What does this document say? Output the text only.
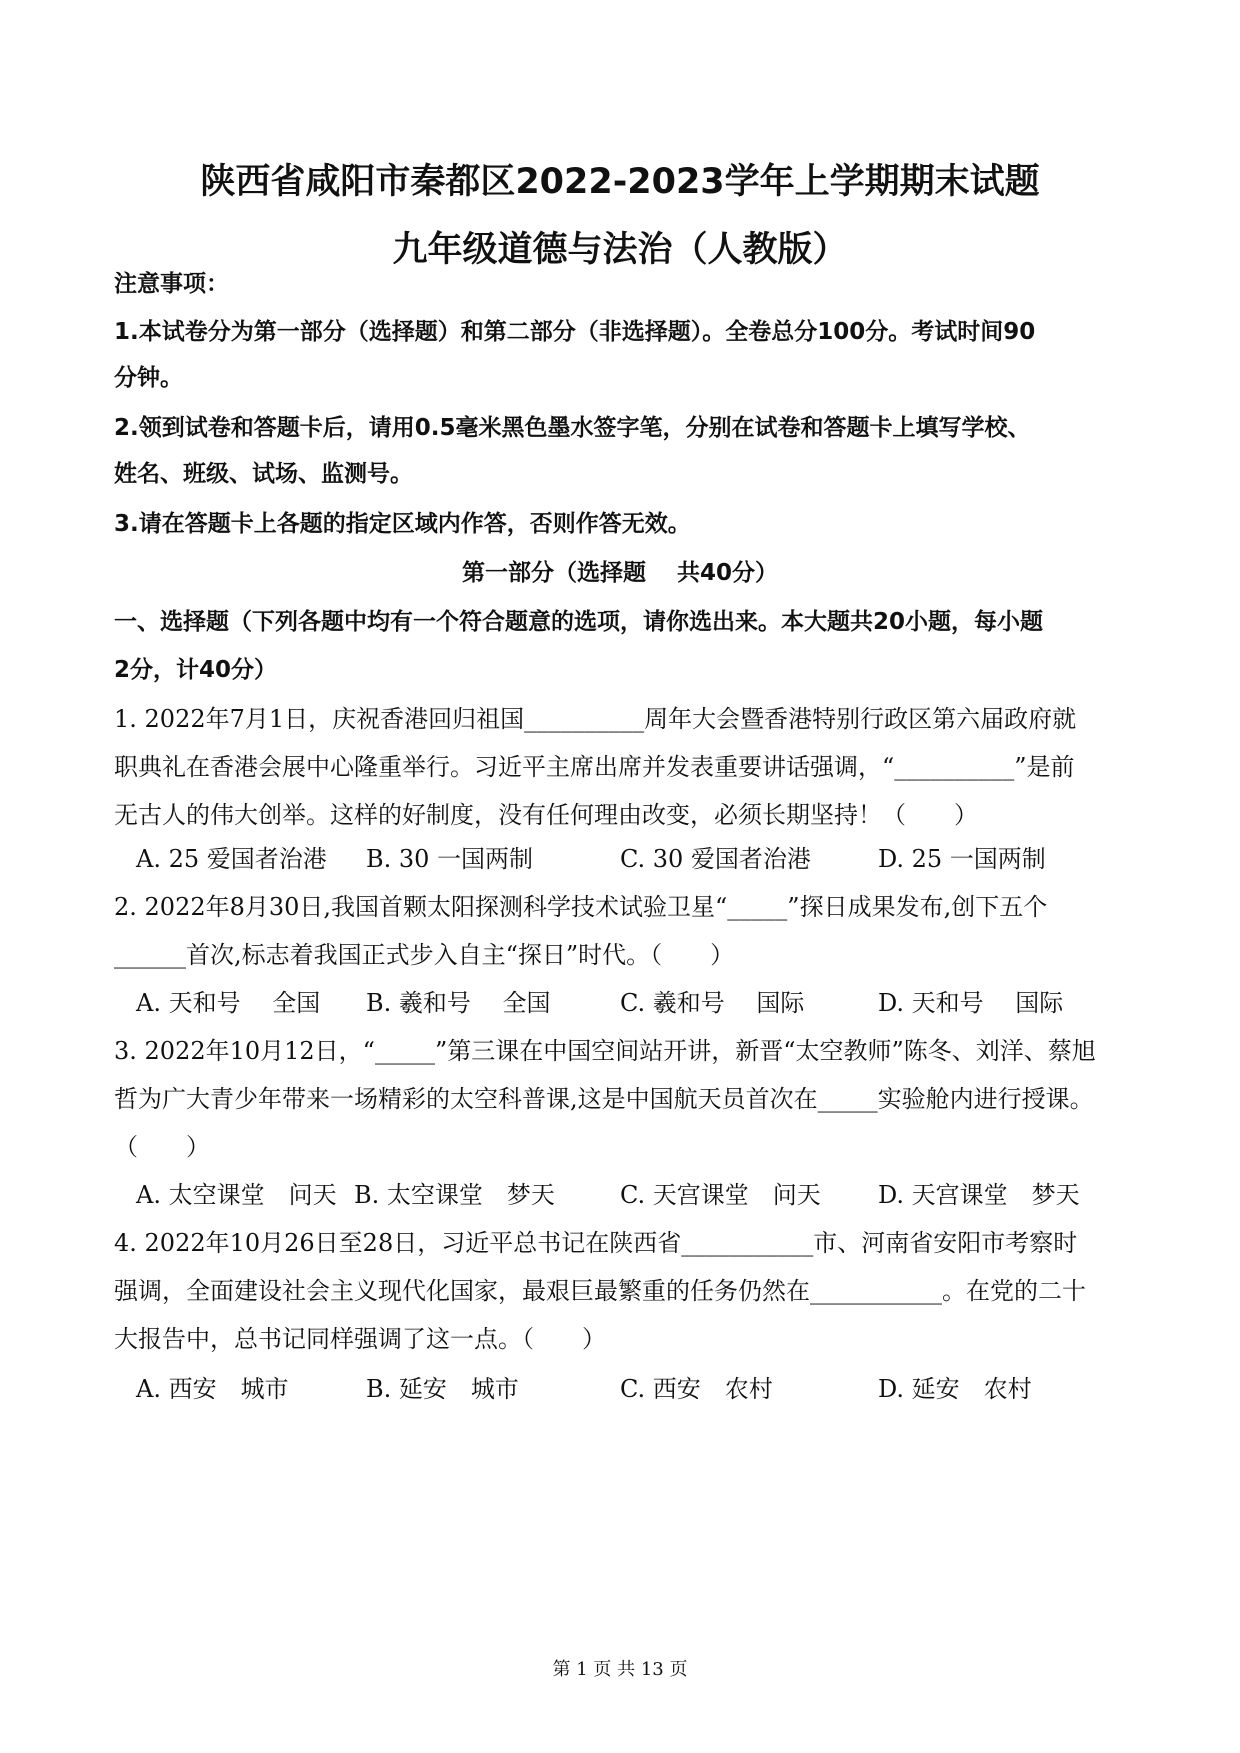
陕西省咸阳市秦都区2022-2023学年上学期期末试题
九年级道德与法治（人教版）
注意事项：
1.本试卷分为第一部分（选择题）和第二部分（非选择题）。全卷总分100分。考试时间90
分钟。
2.领到试卷和答题卡后，请用0.5毫米黑色墨水签字笔，分别在试卷和答题卡上填写学校、
姓名、班级、试场、监测号。
3.请在答题卡上各题的指定区域内作答，否则作答无效。
第一部分（选择题　 共40分）
一、选择题（下列各题中均有一个符合题意的选项，请你选出来。本大题共20小题，每小题
2分，计40分）
1. 2022年7月1日，庆祝香港回归祖国__________周年大会暨香港特别行政区第六届政府就
职典礼在香港会展中心隆重举行。习近平主席出席并发表重要讲话强调，“__________”是前
无古人的伟大创举。这样的好制度，没有任何理由改变，必须长期坚持！（　　）
A. 25 爱国者治港 B. 30 一国两制	C. 30 爱国者治港	D. 25 一国两制
2. 2022年8月30日,我国首颗太阳探测科学技术试验卫星“_____”探日成果发布,创下五个
______首次,标志着我国正式步入自主“探日”时代。（　　）
A. 天和号　 全国 B. 羲和号　 全国	C. 羲和号　 国际	D. 天和号　 国际
3. 2022年10月12日，“_____”第三课在中国空间站开讲，新晋“太空教师”陈冬、刘洋、蔡旭
哲为广大青少年带来一场精彩的太空科普课,这是中国航天员首次在_____实验舱内进行授课。
（　　）
A. 太空课堂　问天 B. 太空课堂　梦天	C. 天宫课堂　问天 D. 天宫课堂　梦天
4. 2022年10月26日至28日，习近平总书记在陕西省___________市、河南省安阳市考察时
强调，全面建设社会主义现代化国家，最艰巨最繁重的任务仍然在___________。在党的二十
大报告中，总书记同样强调了这一点。（　　）
A. 西安　城市	B. 延安　城市	C. 西安　农村	D. 延安　农村
第 1 页 共 13 页
